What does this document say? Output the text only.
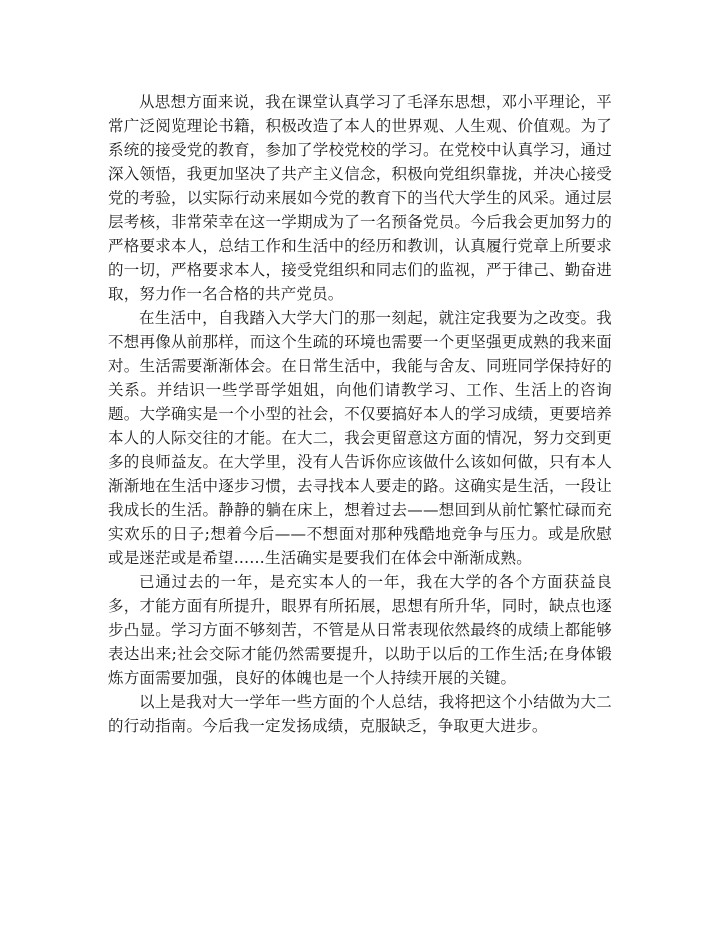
从思想方面来说，我在课堂认真学习了毛泽东思想，邓小平理论，平常广泛阅览理论书籍，积极改造了本人的世界观、人生观、价值观。为了系统的接受党的教育，参加了学校党校的学习。在党校中认真学习，通过深入领悟，我更加坚决了共产主义信念，积极向党组织靠拢，并决心接受党的考验，以实际行动来展如今党的教育下的当代大学生的风采。通过层层考核，非常荣幸在这一学期成为了一名预备党员。今后我会更加努力的严格要求本人，总结工作和生活中的经历和教训，认真履行党章上所要求的一切，严格要求本人，接受党组织和同志们的监视，严于律己、勤奋进取，努力作一名合格的共产党员。

在生活中，自我踏入大学大门的那一刻起，就注定我要为之改变。我不想再像从前那样，而这个生疏的环境也需要一个更坚强更成熟的我来面对。生活需要渐渐体会。在日常生活中，我能与舍友、同班同学保持好的关系。并结识一些学哥学姐姐，向他们请教学习、工作、生活上的咨询题。大学确实是一个小型的社会，不仅要搞好本人的学习成绩，更要培养本人的人际交往的才能。在大二，我会更留意这方面的情况，努力交到更多的良师益友。在大学里，没有人告诉你应该做什么该如何做，只有本人渐渐地在生活中逐步习惯，去寻找本人要走的路。这确实是生活，一段让我成长的生活。静静的躺在床上，想着过去——想回到从前忙繁忙碌而充实欢乐的日子;想着今后——不想面对那种残酷地竞争与压力。或是欣慰或是迷茫或是希望……生活确实是要我们在体会中渐渐成熟。

已通过去的一年，是充实本人的一年，我在大学的各个方面获益良多，才能方面有所提升，眼界有所拓展，思想有所升华，同时，缺点也逐步凸显。学习方面不够刻苦，不管是从日常表现依然最终的成绩上都能够表达出来;社会交际才能仍然需要提升，以助于以后的工作生活;在身体锻炼方面需要加强，良好的体魄也是一个人持续开展的关键。

以上是我对大一学年一些方面的个人总结，我将把这个小结做为大二的行动指南。今后我一定发扬成绩，克服缺乏，争取更大进步。
